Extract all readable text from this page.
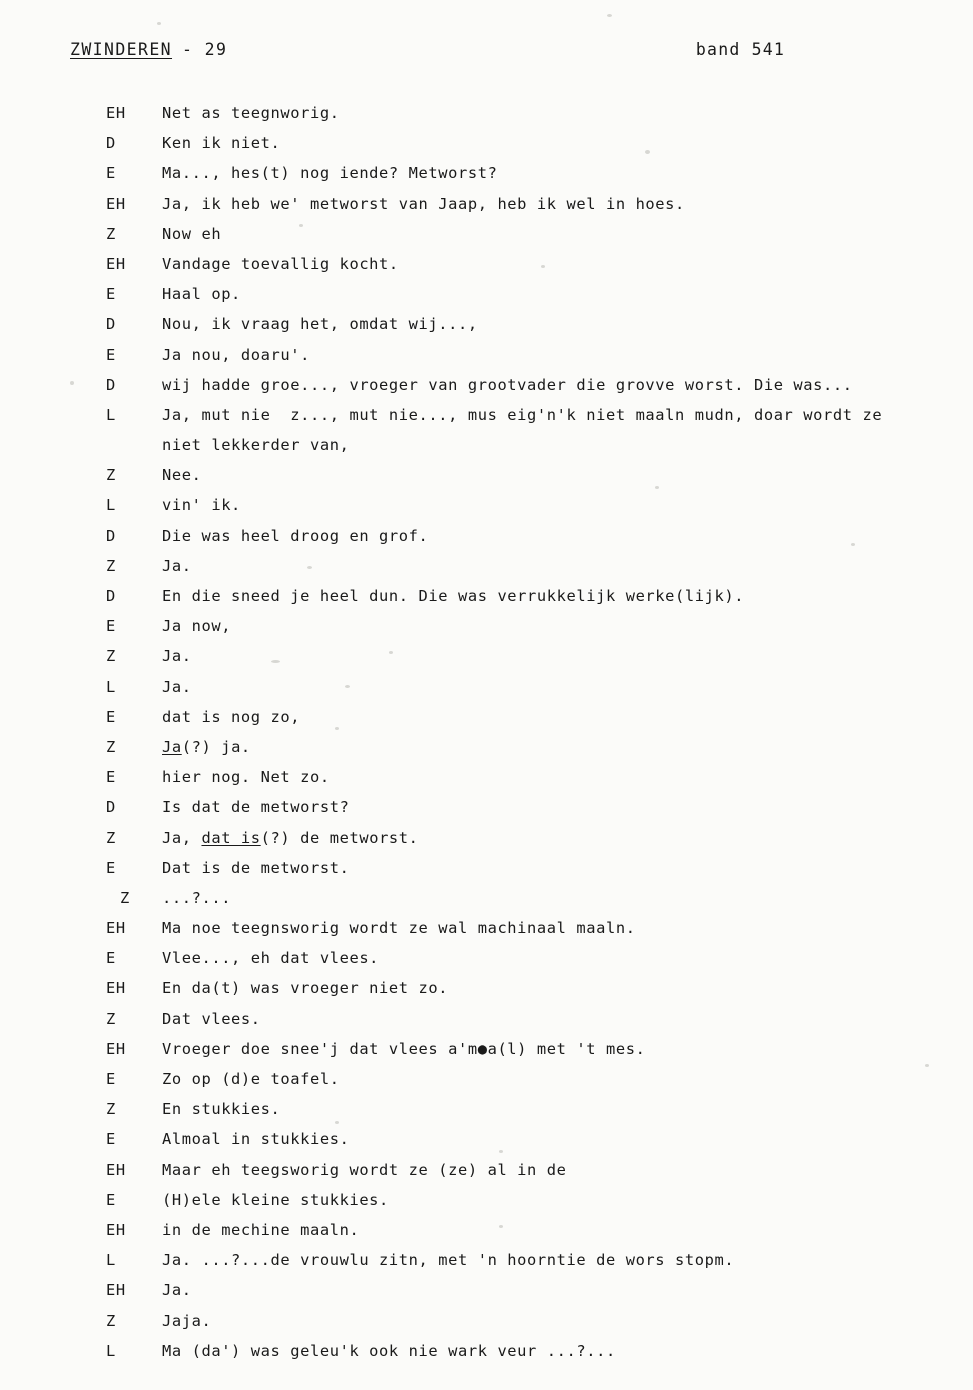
ZWINDEREN - 29	band 541
EH	Net as teegnworig.
D	Ken ik niet.
E	Ma..., hes(t) nog iende? Metworst?
EH	Ja, ik heb we' metworst van Jaap, heb ik wel in hoes.
Z	Now eh
EH	Vandage toevallig kocht.
E	Haal op.
D	Nou, ik vraag het, omdat wij...,
E	Ja nou, doaru'.
D	wij hadde groe..., vroeger van grootvader die grovve worst. Die was...
L	Ja, mut nie  z..., mut nie..., mus eig'n'k niet maaln mudn, doar wordt ze
niet lekkerder van,
Z	Nee.
L	vin' ik.
D	Die was heel droog en grof.
Z	Ja.
D	En die sneed je heel dun. Die was verrukkelijk werke(lijk).
E	Ja now,
Z	Ja.
L	Ja.
E	dat is nog zo,
Z	Ja(?) ja.
E	hier nog. Net zo.
D	Is dat de metworst?
Z	Ja, dat is(?) de metworst.
E	Dat is de metworst.
Z	...?...
EH	Ma noe teegnsworig wordt ze wal machinaal maaln.
E	Vlee..., eh dat vlees.
EH	En da(t) was vroeger niet zo.
Z	Dat vlees.
EH	Vroeger doe snee'j dat vlees a'm●а(l) met 't mes.
E	Zo op (d)e toafel.
Z	En stukkies.
E	Almoal in stukkies.
EH	Maar eh teegsworig wordt ze (ze) al in de
E	(H)ele kleine stukkies.
EH	in de mechine maaln.
L	Ja. ...?...de vrouwlu zitn, met 'n hoorntie de wors stopm.
EH	Ja.
Z	Jaja.
L	Ma (da') was geleu'k ook nie wark veur ...?...
